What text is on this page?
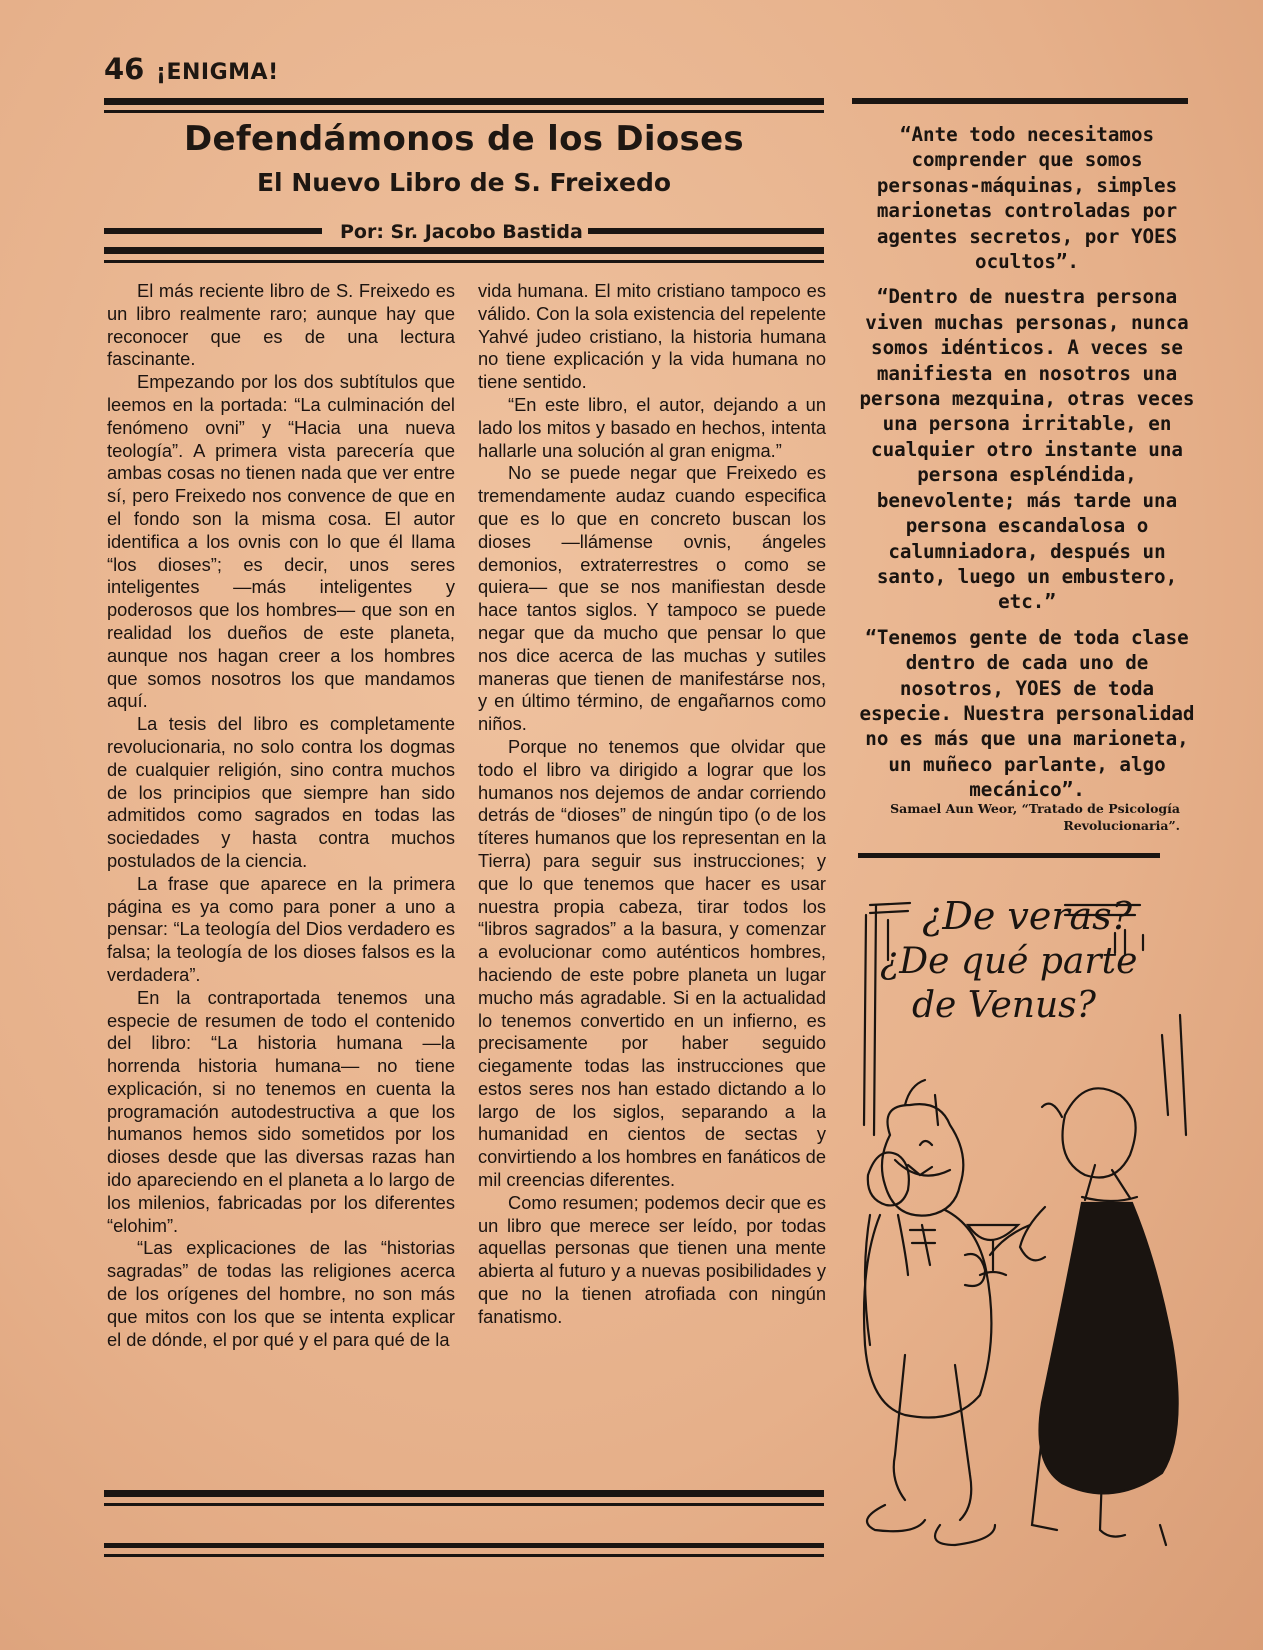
46 ¡ENIGMA!
Defendámonos de los Dioses
El Nuevo Libro de S. Freixedo
Por: Sr. Jacobo Bastida

El más reciente libro de S. Freixedo es un libro realmente raro; aunque hay que reconocer que es de una lectura fascinante.

Empezando por los dos subtítulos que leemos en la portada: “La culminación del fenómeno ovni” y “Hacia una nueva teología”. A primera vista parecería que ambas cosas no tienen nada que ver entre sí, pero Freixedo nos convence de que en el fondo son la misma cosa. El autor identifica a los ovnis con lo que él llama “los dioses”; es decir, unos seres inteligentes —más inteligentes y poderosos que los hombres— que son en realidad los dueños de este planeta, aunque nos hagan creer a los hombres que somos nosotros los que mandamos aquí.

La tesis del libro es completamente revolucionaria, no solo contra los dogmas de cualquier religión, sino contra muchos de los principios que siempre han sido admitidos como sagrados en todas las sociedades y hasta contra muchos postulados de la ciencia.

La frase que aparece en la primera página es ya como para poner a uno a pensar: “La teología del Dios verdadero es falsa; la teología de los dioses falsos es la verdadera”.

En la contraportada tenemos una especie de resumen de todo el contenido del libro: “La historia humana —la horrenda historia humana— no tiene explicación, si no tenemos en cuenta la programación autodestructiva a que los humanos hemos sido sometidos por los dioses desde que las diversas razas han ido apareciendo en el planeta a lo largo de los milenios, fabricadas por los diferentes “elohim”.

“Las explicaciones de las “historias sagradas” de todas las religiones acerca de los orígenes del hombre, no son más que mitos con los que se intenta explicar el de dónde, el por qué y el para qué de la

vida humana. El mito cristiano tampoco es válido. Con la sola existencia del repelente Yahvé judeo cristiano, la historia humana no tiene explicación y la vida humana no tiene sentido.

“En este libro, el autor, dejando a un lado los mitos y basado en hechos, intenta hallarle una solución al gran enigma.”

No se puede negar que Freixedo es tremendamente audaz cuando especifica que es lo que en concreto buscan los dioses —llámense ovnis, ángeles demonios, extraterrestres o como se quiera— que se nos manifiestan desde hace tantos siglos. Y tampoco se puede negar que da mucho que pensar lo que nos dice acerca de las muchas y sutiles maneras que tienen de manifestárse nos, y en último término, de engañarnos como niños.

Porque no tenemos que olvidar que todo el libro va dirigido a lograr que los humanos nos dejemos de andar corriendo detrás de “dioses” de ningún tipo (o de los títeres humanos que los representan en la Tierra) para seguir sus instrucciones; y que lo que tenemos que hacer es usar nuestra propia cabeza, tirar todos los “libros sagrados” a la basura, y comenzar a evolucionar como auténticos hombres, haciendo de este pobre planeta un lugar mucho más agradable. Si en la actualidad lo tenemos convertido en un infierno, es precisamente por haber seguido ciegamente todas las instrucciones que estos seres nos han estado dictando a lo largo de los siglos, separando a la humanidad en cientos de sectas y convirtiendo a los hombres en fanáticos de mil creencias diferentes.

Como resumen; podemos decir que es un libro que merece ser leído, por todas aquellas personas que tienen una mente abierta al futuro y a nuevas posibilidades y que no la tienen atrofiada con ningún fanatismo.

“Ante todo necesitamos comprender que somos personas-máquinas, simples marionetas controladas por agentes secretos, por YOES ocultos”.

“Dentro de nuestra persona viven muchas personas, nunca somos idénticos. A veces se manifiesta en nosotros una persona mezquina, otras veces una persona irritable, en cualquier otro instante una persona espléndida, benevolente; más tarde una persona escandalosa o calumniadora, después un santo, luego un embustero, etc.”

“Tenemos gente de toda clase dentro de cada uno de nosotros, YOES de toda especie. Nuestra personalidad no es más que una marioneta, un muñeco parlante, algo mecánico”.

Samael Aun Weor, “Tratado de Psicología
Revolucionaria”.
¿De veras?
¿De qué parte
de Venus?
